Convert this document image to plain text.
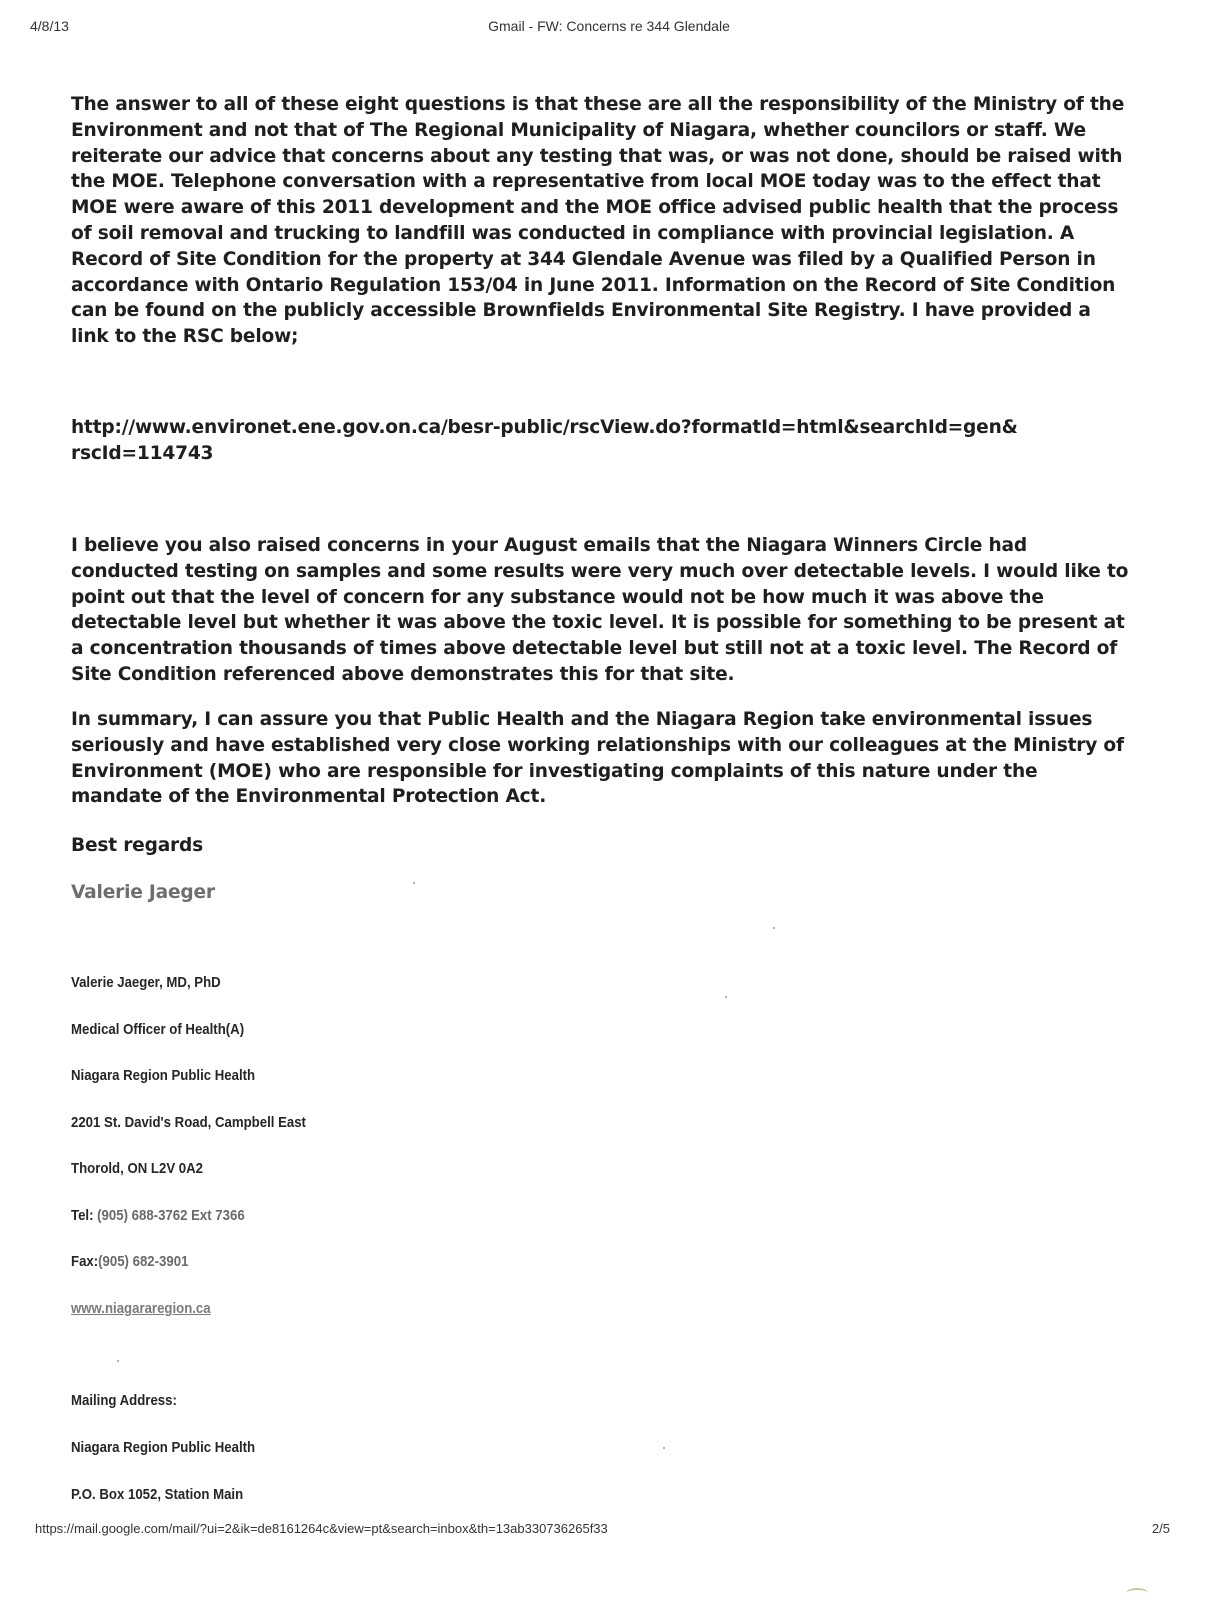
4/8/13	Gmail - FW: Concerns re 344 Glendale
The answer to all of these eight questions is that these are all the responsibility of the Ministry of the Environment and not that of The Regional Municipality of Niagara, whether councilors or staff. We reiterate our advice that concerns about any testing that was, or was not done, should be raised with the MOE. Telephone conversation with a representative from local MOE today was to the effect that MOE were aware of this 2011 development and the MOE office advised public health that the process of soil removal and trucking to landfill was conducted in compliance with provincial legislation. A Record of Site Condition for the property at 344 Glendale Avenue was filed by a Qualified Person in accordance with Ontario Regulation 153/04 in June 2011. Information on the Record of Site Condition can be found on the publicly accessible Brownfields Environmental Site Registry. I have provided a link to the RSC below;
http://www.environet.ene.gov.on.ca/besr-public/rscView.do?formatId=html&searchId=gen&
rscId=114743
I believe you also raised concerns in your August emails that the Niagara Winners Circle had conducted testing on samples and some results were very much over detectable levels. I would like to point out that the level of concern for any substance would not be how much it was above the detectable level but whether it was above the toxic level. It is possible for something to be present at a concentration thousands of times above detectable level but still not at a toxic level. The Record of Site Condition referenced above demonstrates this for that site.
In summary, I can assure you that Public Health and the Niagara Region take environmental issues seriously and have established very close working relationships with our colleagues at the Ministry of Environment (MOE) who are responsible for investigating complaints of this nature under the mandate of the Environmental Protection Act.
Best regards
Valerie Jaeger
Valerie Jaeger, MD, PhD
Medical Officer of Health(A)
Niagara Region Public Health
2201 St. David's Road, Campbell East
Thorold, ON L2V 0A2
Tel: (905) 688-3762 Ext 7366
Fax:(905) 682-3901
www.niagararegion.ca
Mailing Address:
Niagara Region Public Health
P.O. Box 1052, Station Main
https://mail.google.com/mail/?ui=2&ik=de8161264c&view=pt&search=inbox&th=13ab330736265f33	2/5
